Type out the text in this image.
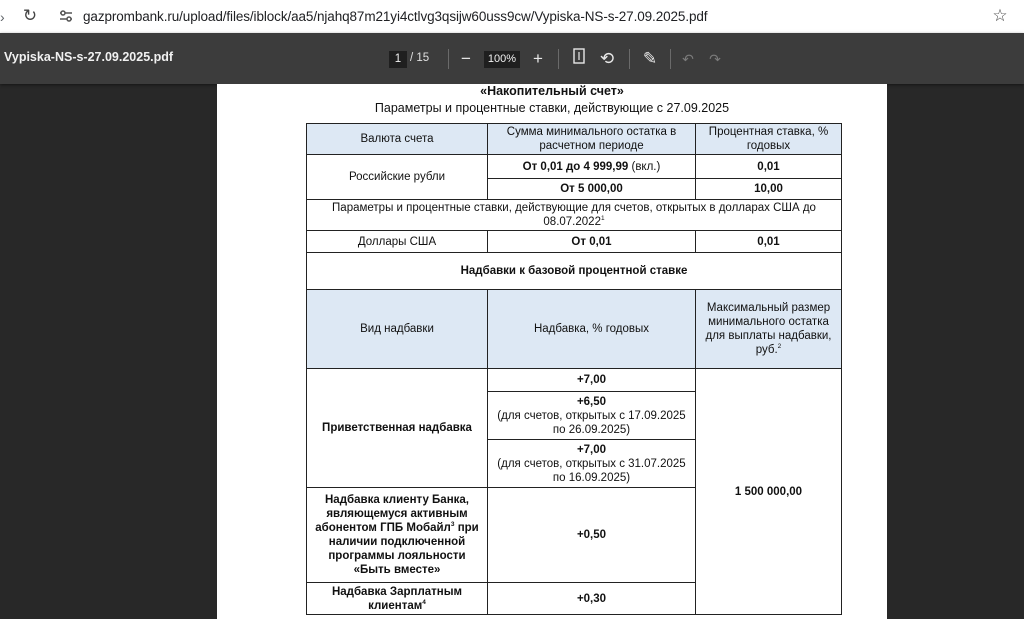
›	↻	gazprombank.ru/upload/files/iblock/aa5/njahq87m21yi4ctlvg3qsijw60uss9cw/Vypiska-NS-s-27.09.2025.pdf	☆
Vypiska-NS-s-27.09.2025.pdf	1 / 15 −	100% +	⟲ ✎ ↶ ↷
«Накопительный счет»
Параметры и процентные ставки, действующие с 27.09.2025
Валюта счета	Сумма минимального остатка в расчетном периоде	Процентная ставка, % годовых
Российские рубли	От 0,01 до 4 999,99 (вкл.)	0,01
	От 5 000,00	10,00
Параметры и процентные ставки, действующие для счетов, открытых в долларах США до 08.07.2022$^1$
Доллары США	От 0,01	0,01
Надбавки к базовой процентной ставке		
Вид надбавки	Надбавка, % годовых	Максимальный размер минимального остатка для выплаты надбавки, руб.$^2$
Приветственная надбавка	+7,00	1 500 000,00

	+6,50
(для счетов, открытых с 17.09.2025 по 26.09.2025)	

	+7,00
(для счетов, открытых с 31.07.2025 по 16.09.2025)	

Надбавка клиенту Банка, являющемуся активным абонентом ГПБ Мобайл$^3$ при наличии подключенной программы лояльности «Быть вместе»	+0,50	
Надбавка Зарплатным клиентам$^4$	+0,30	
